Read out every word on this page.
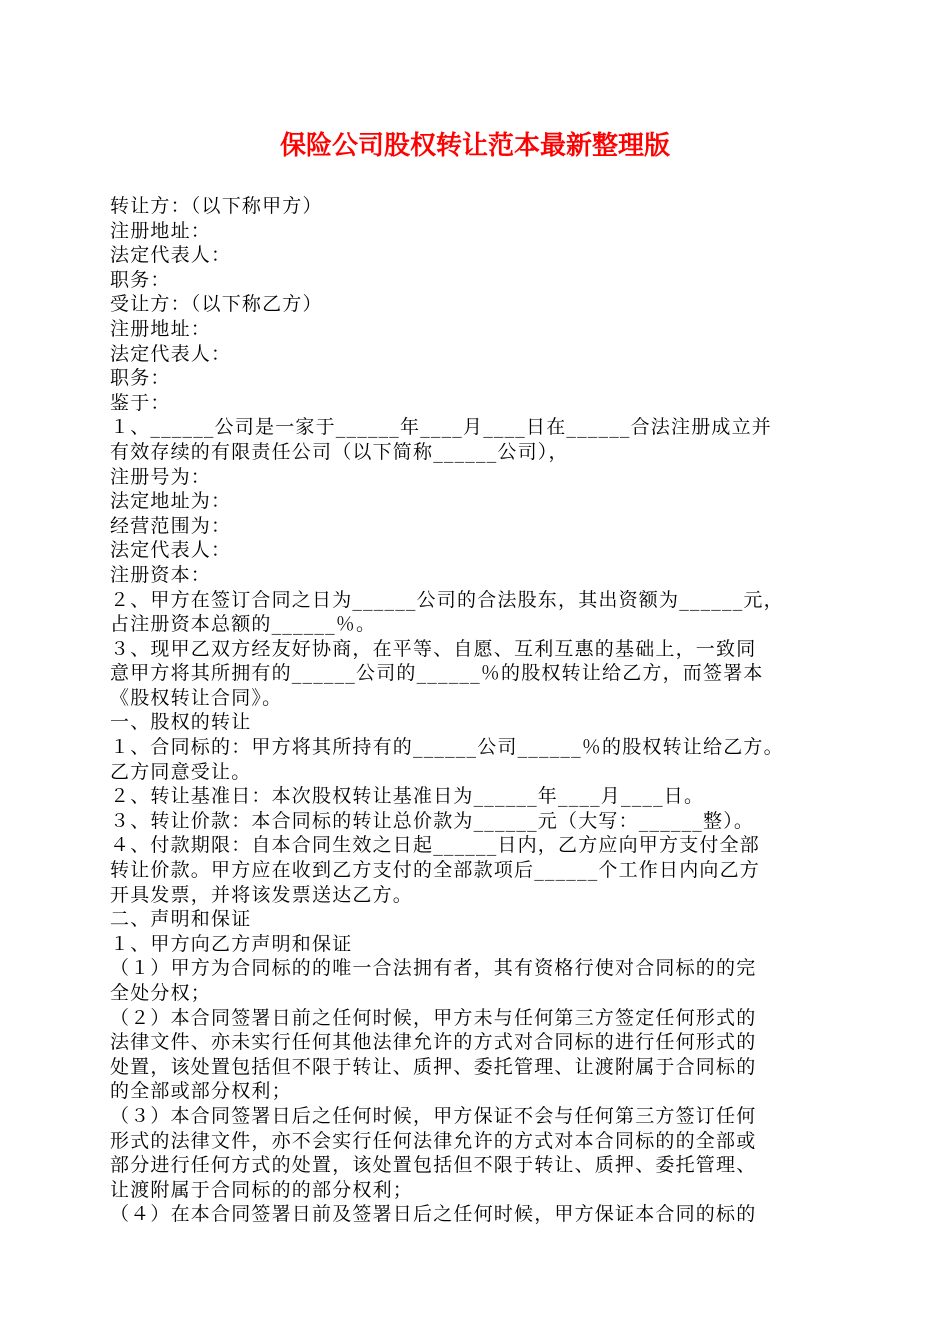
保险公司股权转让范本最新整理版
转让方：（以下称甲方）
注册地址：
法定代表人：
职务：
受让方：（以下称乙方）
注册地址：
法定代表人：
职务：
鉴于：
１、______公司是一家于______年____月____日在______合法注册成立并
有效存续的有限责任公司（以下简称______公司），
注册号为：
法定地址为：
经营范围为：
法定代表人：
注册资本：
２、甲方在签订合同之日为______公司的合法股东，其出资额为______元，
占注册资本总额的______％。
３、现甲乙双方经友好协商，在平等、自愿、互利互惠的基础上，一致同
意甲方将其所拥有的______公司的______％的股权转让给乙方，而签署本
《股权转让合同》。
一、股权的转让
１、合同标的：甲方将其所持有的______公司______％的股权转让给乙方。
乙方同意受让。
２、转让基准日：本次股权转让基准日为______年____月____日。
３、转让价款：本合同标的转让总价款为______元（大写：______整）。
４、付款期限：自本合同生效之日起______日内，乙方应向甲方支付全部
转让价款。甲方应在收到乙方支付的全部款项后______个工作日内向乙方
开具发票，并将该发票送达乙方。
二、声明和保证
１、甲方向乙方声明和保证
（１）甲方为合同标的的唯一合法拥有者，其有资格行使对合同标的的完
全处分权；
（２）本合同签署日前之任何时候，甲方未与任何第三方签定任何形式的
法律文件、亦未实行任何其他法律允许的方式对合同标的进行任何形式的
处置，该处置包括但不限于转让、质押、委托管理、让渡附属于合同标的
的全部或部分权利；
（３）本合同签署日后之任何时候，甲方保证不会与任何第三方签订任何
形式的法律文件，亦不会实行任何法律允许的方式对本合同标的的全部或
部分进行任何方式的处置，该处置包括但不限于转让、质押、委托管理、
让渡附属于合同标的的部分权利；
（４）在本合同签署日前及签署日后之任何时候，甲方保证本合同的标的
